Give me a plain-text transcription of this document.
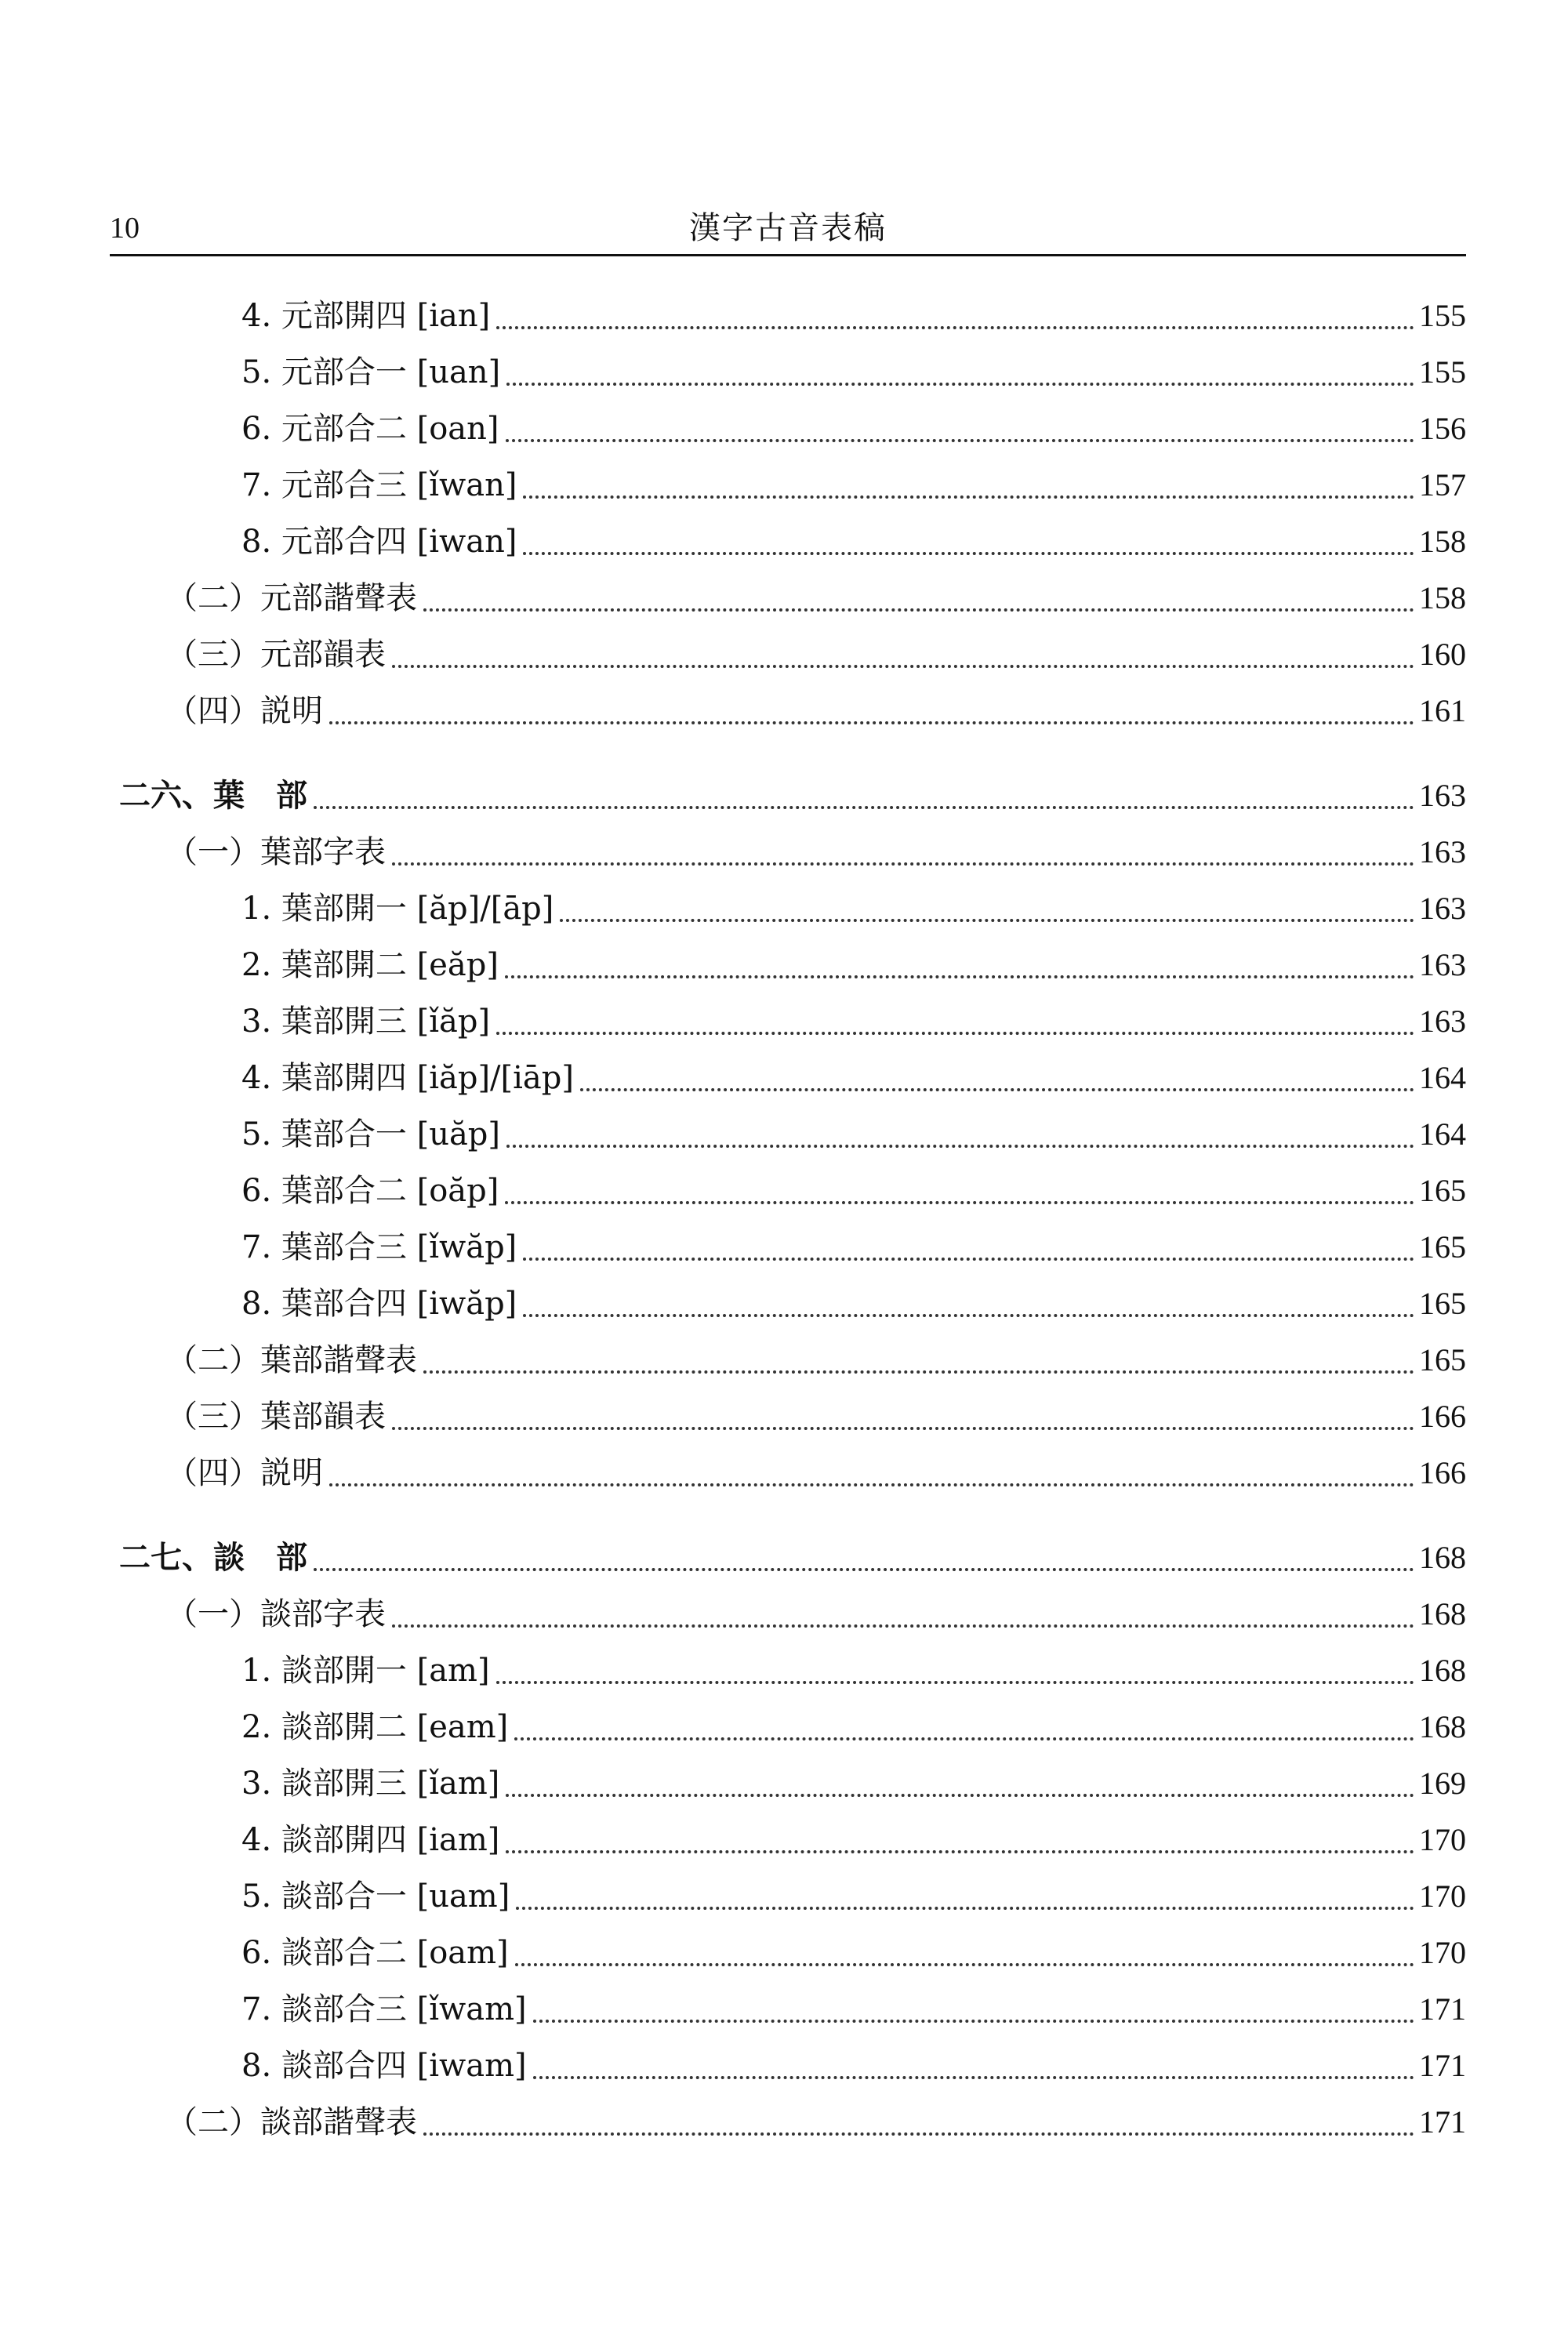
10	漢字古音表稿
4. 元部開四 [ian]	155
5. 元部合一 [uan]	155
6. 元部合二 [oan]	156
7. 元部合三 [ǐwan]	157
8. 元部合四 [iwan]	158
（二）元部諧聲表	158
（三）元部韻表	160
（四）説明	161
二六、葉　部	163
（一）葉部字表	163
1. 葉部開一 [ăp]/[āp]	163
2. 葉部開二 [eăp]	163
3. 葉部開三 [ǐăp]	163
4. 葉部開四 [iăp]/[iāp]	164
5. 葉部合一 [uăp]	164
6. 葉部合二 [oăp]	165
7. 葉部合三 [ǐwăp]	165
8. 葉部合四 [iwăp]	165
（二）葉部諧聲表	165
（三）葉部韻表	166
（四）説明	166
二七、談　部	168
（一）談部字表	168
1. 談部開一 [am]	168
2. 談部開二 [eam]	168
3. 談部開三 [ǐam]	169
4. 談部開四 [iam]	170
5. 談部合一 [uam]	170
6. 談部合二 [oam]	170
7. 談部合三 [ǐwam]	171
8. 談部合四 [iwam]	171
（二）談部諧聲表	171
